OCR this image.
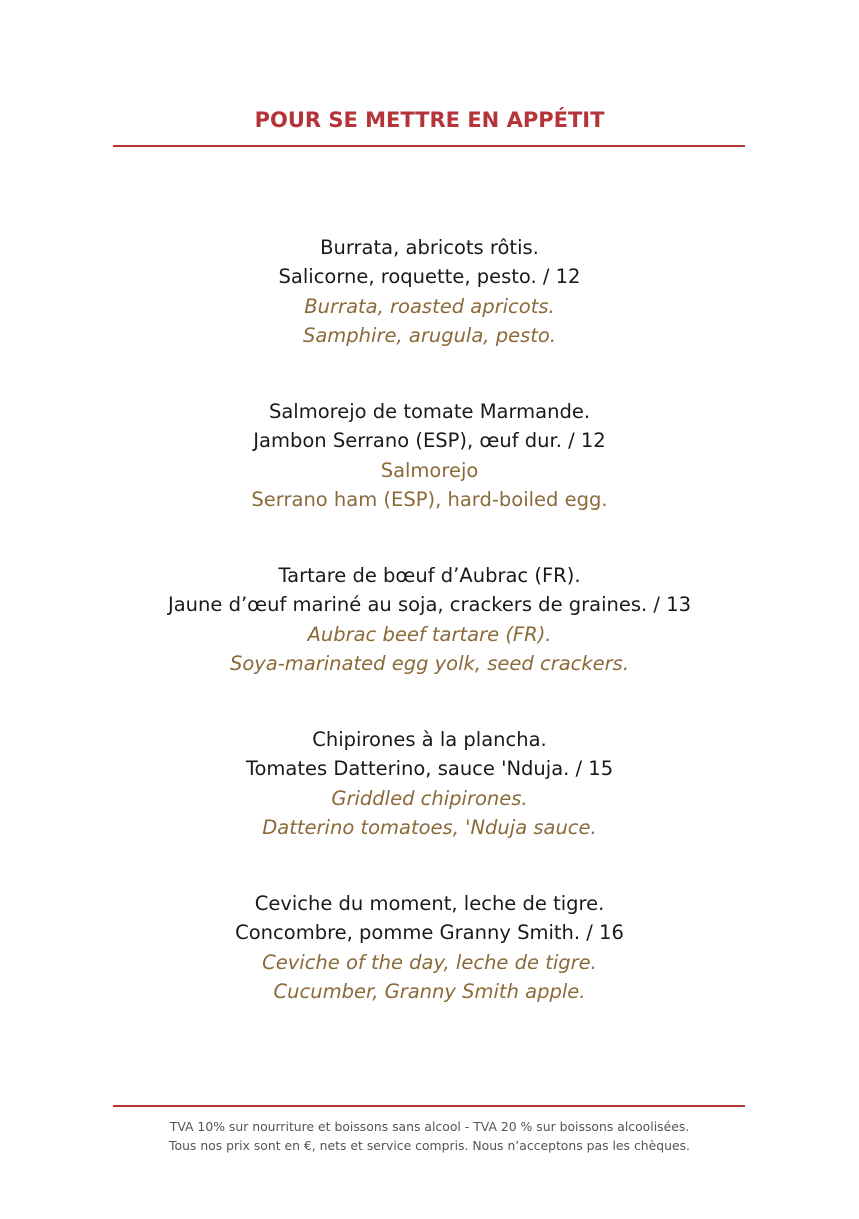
POUR SE METTRE EN APPÉTIT
Burrata, abricots rôtis.
Salicorne, roquette, pesto. / 12
Burrata, roasted apricots.
Samphire, arugula, pesto.
Salmorejo de tomate Marmande.
Jambon Serrano (ESP), œuf dur. / 12
Salmorejo
Serrano ham (ESP), hard-boiled egg.
Tartare de bœuf d’Aubrac (FR).
Jaune d’œuf mariné au soja, crackers de graines. / 13
Aubrac beef tartare (FR).
Soya-marinated egg yolk, seed crackers.
Chipirones à la plancha.
Tomates Datterino, sauce 'Nduja. / 15
Griddled chipirones.
Datterino tomatoes, 'Nduja sauce.
Ceviche du moment, leche de tigre.
Concombre, pomme Granny Smith. / 16
Ceviche of the day, leche de tigre.
Cucumber, Granny Smith apple.
TVA 10% sur nourriture et boissons sans alcool - TVA 20 % sur boissons alcoolisées.
Tous nos prix sont en €, nets et service compris. Nous n’acceptons pas les chèques.
